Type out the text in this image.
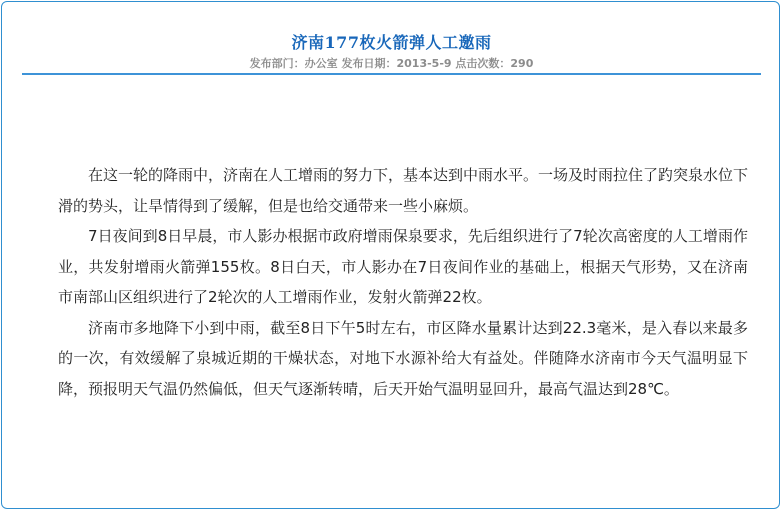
济南177枚火箭弹人工邀雨
发布部门：办公室 发布日期：2013-5-9 点击次数：290

在这一轮的降雨中，济南在人工增雨的努力下，基本达到中雨水平。一场及时雨拉住了趵突泉水位下滑的势头，让旱情得到了缓解，但是也给交通带来一些小麻烦。

7日夜间到8日早晨，市人影办根据市政府增雨保泉要求，先后组织进行了7轮次高密度的人工增雨作业，共发射增雨火箭弹155枚。8日白天，市人影办在7日夜间作业的基础上，根据天气形势，又在济南市南部山区组织进行了2轮次的人工增雨作业，发射火箭弹22枚。

济南市多地降下小到中雨，截至8日下午5时左右，市区降水量累计达到22.3毫米，是入春以来最多的一次，有效缓解了泉城近期的干燥状态，对地下水源补给大有益处。伴随降水济南市今天气温明显下降，预报明天气温仍然偏低，但天气逐渐转晴，后天开始气温明显回升，最高气温达到28℃。
